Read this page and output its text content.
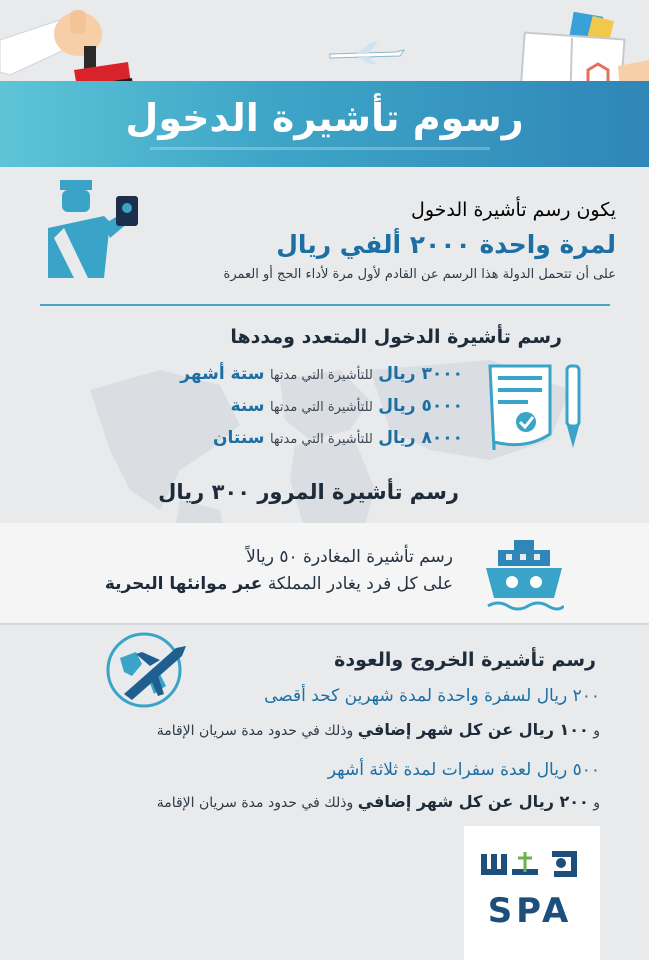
رسوم تأشيرة الدخول
يكون رسم تأشيرة الدخول
لمرة واحدة ٢٠٠٠ ألفي ريال
على أن تتحمل الدولة هذا الرسم عن القادم لأول مرة لأداء الحج أو العمرة
رسم تأشيرة الدخول المتعدد ومددها
٣٠٠٠ ريال للتأشيرة التي مدتها ستة أشهر
٥٠٠٠ ريال للتأشيرة التي مدتها سنة
٨٠٠٠ ريال للتأشيرة التي مدتها سنتان
رسم تأشيرة المرور ٣٠٠ ريال
رسم تأشيرة المغادرة ٥٠ ريالاً
على كل فرد يغادر المملكة عبر موانئها البحرية
رسم تأشيرة الخروج والعودة
٢٠٠ ريال لسفرة واحدة لمدة شهرين كحد أقصى
و ١٠٠ ريال عن كل شهر إضافي وذلك في حدود مدة سريان الإقامة
٥٠٠ ريال لعدة سفرات لمدة ثلاثة أشهر
و ٢٠٠ ريال عن كل شهر إضافي وذلك في حدود مدة سريان الإقامة
SPA
